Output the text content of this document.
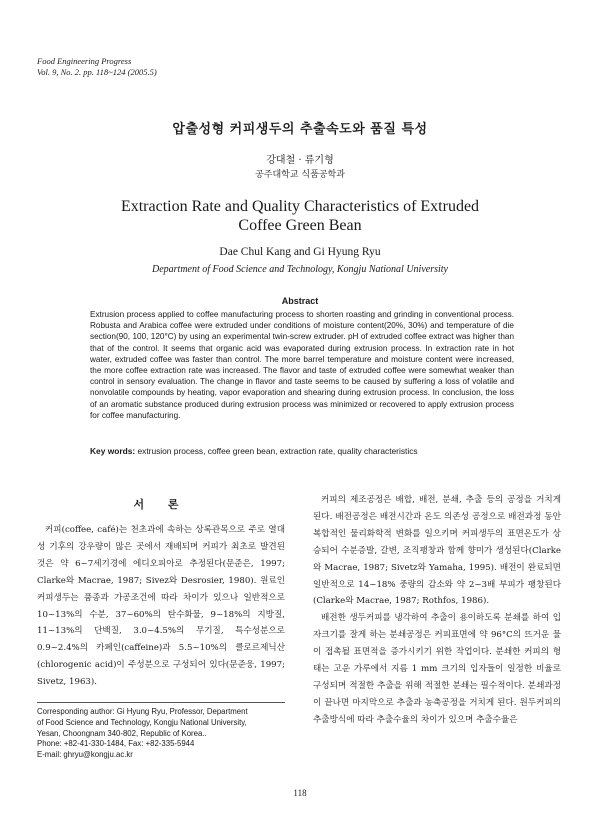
Food Engineering Progress
Vol. 9, No. 2. pp. 118~124 (2005.5)
압출성형 커피생두의 추출속도와 품질 특성
강대철 · 류기형
공주대학교 식품공학과
Extraction Rate and Quality Characteristics of Extruded
Coffee Green Bean
Dae Chul Kang and Gi Hyung Ryu
Department of Food Science and Technology, Kongju National University
Abstract
Extrusion process applied to coffee manufacturing process to shorten roasting and grinding in conventional process. Robusta and Arabica coffee were extruded under conditions of moisture content(20%, 30%) and temperature of die section(90, 100, 120°C) by using an experimental twin-screw extruder. pH of extruded coffee extract was higher than that of the control. It seems that organic acid was evaporated during extrusion process. In extraction rate in hot water, extruded coffee was faster than control. The more barrel temperature and moisture content were increased, the more coffee extraction rate was increased. The flavor and taste of extruded coffee were somewhat weaker than control in sensory evaluation. The change in flavor and taste seems to be caused by suffering a loss of volatile and nonvolatile compounds by heating, vapor evaporation and shearing during extrusion process. In conclusion, the loss of an aromatic substance produced during extrusion process was minimized or recovered to apply extrusion process for coffee manufacturing.
Key words: extrusion process, coffee green bean, extraction rate, quality characteristics
서 론

커피(coffee, café)는 천초과에 속하는 상록관목으로 주로 열대성 기후의 강우량이 많은 곳에서 재배되며 커피가 최초로 발견된 것은 약 6~7세기경에 에디오피아로 추정된다(문준은, 1997; Clarke와 Macrae, 1987; Sivez와 Desrosier, 1980). 원료인 커피생두는 품종과 가공조건에 따라 차이가 있으나 일반적으로 10~13%의 수분, 37~60%의 탄수화물, 9~18%의 지방질, 11~13%의 단백질, 3.0~4.5%의 무기질, 특수성분으로 0.9~2.4%의 카페인(caffeine)과 5.5~10%의 클로르제닉산(chlorogenic acid)이 주성분으로 구성되어 있다(문준웅, 1997; Sivetz, 1963).

커피의 제조공정은 배합, 배전, 분쇄, 추출 등의 공정을 거치게 된다. 배전공정은 배전시간과 온도 의존성 공정으로 배전과정 동안 복합적인 물리화학적 변화를 일으키며 커피생두의 표면온도가 상승되어 수분증발, 갈변, 조직팽창과 함께 향미가 생성된다(Clarke와 Macrae, 1987; Sivetz와 Yamaha, 1995). 배전이 완료되면 일반적으로 14~18% 중량의 감소와 약 2~3배 부피가 팽창된다(Clarke와 Macrae, 1987; Rothfos, 1986).

배전한 생두커피를 냉각하여 추출이 용이하도록 분쇄를 하여 입자크기를 잘게 하는 분쇄공정은 커피표면에 약 96°C의 뜨거운 물이 접촉될 표면적을 증가시키기 위한 작업이다. 분쇄한 커피의 형태는 고운 가루에서 지름 1 mm 크기의 입자들이 일정한 비율로 구성되며 적절한 추출을 위해 적절한 분쇄는 필수적이다. 분쇄과정이 끝나면 마지막으로 추출과 농축공정을 거치게 된다. 원두커피의 추출방식에 따라 추출수율의 차이가 있으며 추출수율은

Corresponding author: Gi Hyung Ryu, Professor, Department
of Food Science and Technology, Kongju National University,
Yesan, Choongnam 340-802, Republic of Korea..
Phone: +82-41-330-1484, Fax: +82-335-5944
E-mail: ghryu@kongju.ac.kr
118
